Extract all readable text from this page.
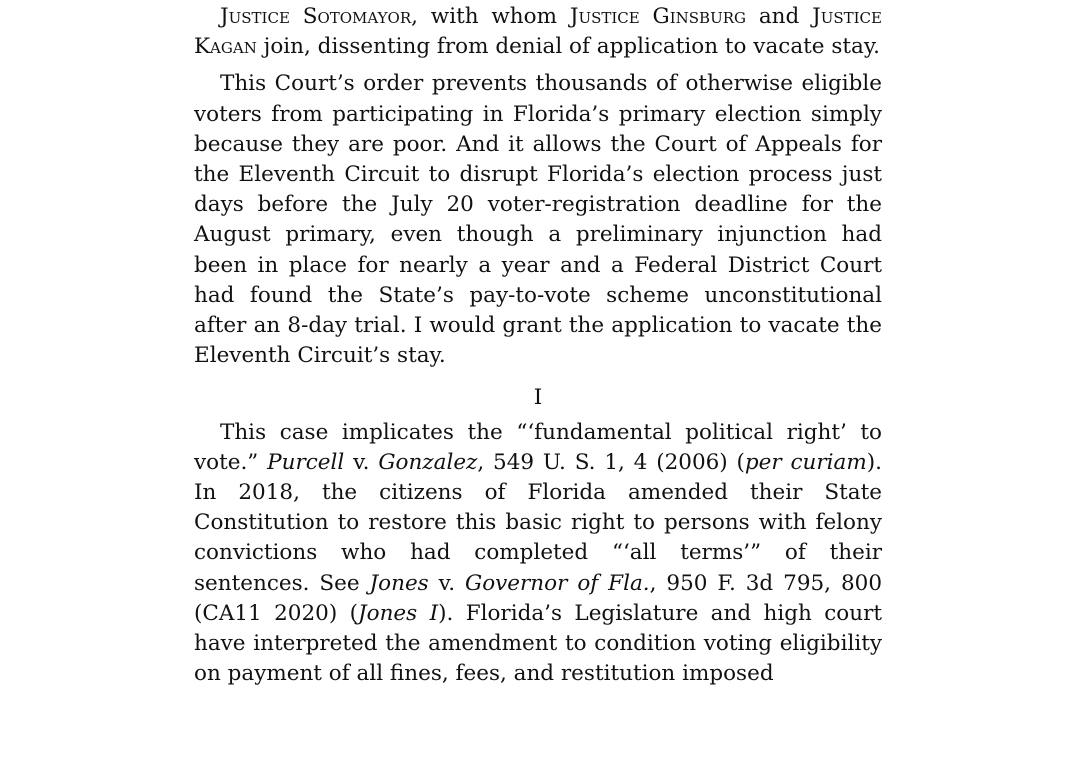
Justice Sotomayor, with whom Justice Ginsburg and Justice Kagan join, dissenting from denial of application to vacate stay.

This Court’s order prevents thousands of otherwise eligible voters from participating in Florida’s primary election simply because they are poor. And it allows the Court of Appeals for the Eleventh Circuit to disrupt Florida’s election process just days before the July 20 voter-registration deadline for the August primary, even though a preliminary injunction had been in place for nearly a year and a Federal District Court had found the State’s pay-to-vote scheme unconstitutional after an 8-day trial. I would grant the application to vacate the Eleventh Circuit’s stay.

I

This case implicates the “‘fundamental political right’ to vote.” Purcell v. Gonzalez, 549 U. S. 1, 4 (2006) (per curiam). In 2018, the citizens of Florida amended their State Constitution to restore this basic right to persons with felony convictions who had completed “‘all terms’” of their sentences. See Jones v. Governor of Fla., 950 F. 3d 795, 800 (CA11 2020) (Jones I). Florida’s Legislature and high court have interpreted the amendment to condition voting eligibility on payment of all fines, fees, and restitution imposed
